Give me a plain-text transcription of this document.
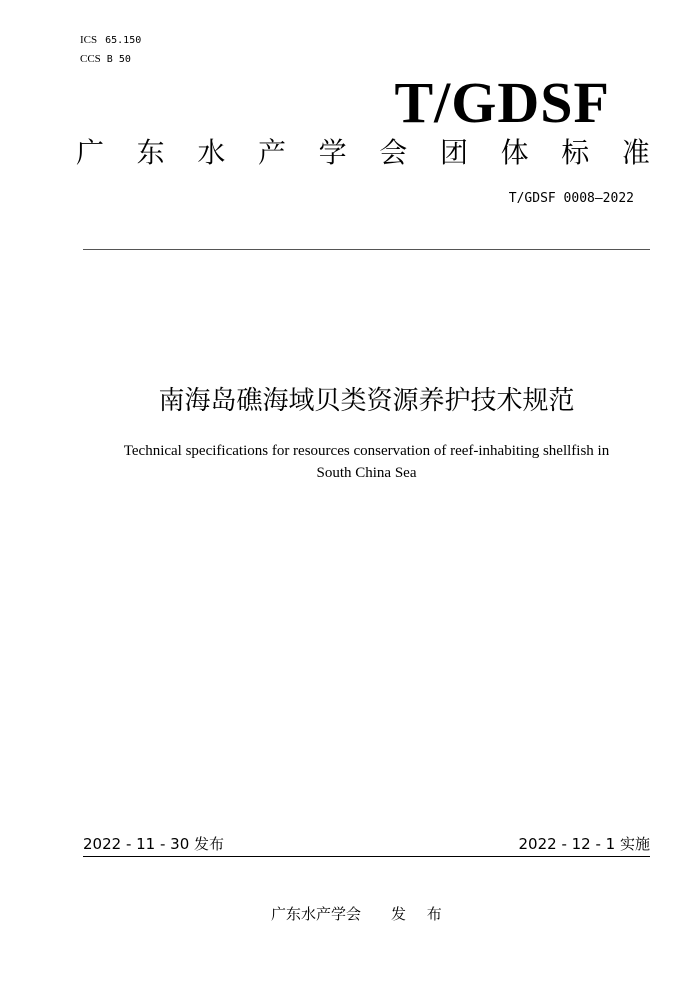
ICS 65.150
CCS B 50
T/GDSF
广 东 水 产 学 会 团 体 标 准
T/GDSF 0008—2022
南海岛礁海域贝类资源养护技术规范
Technical specifications for resources conservation of reef-inhabiting shellfish in
South China Sea
2022 - 11 - 30 发布	2022 - 12 - 1 实施
广东水产学会 发 布
